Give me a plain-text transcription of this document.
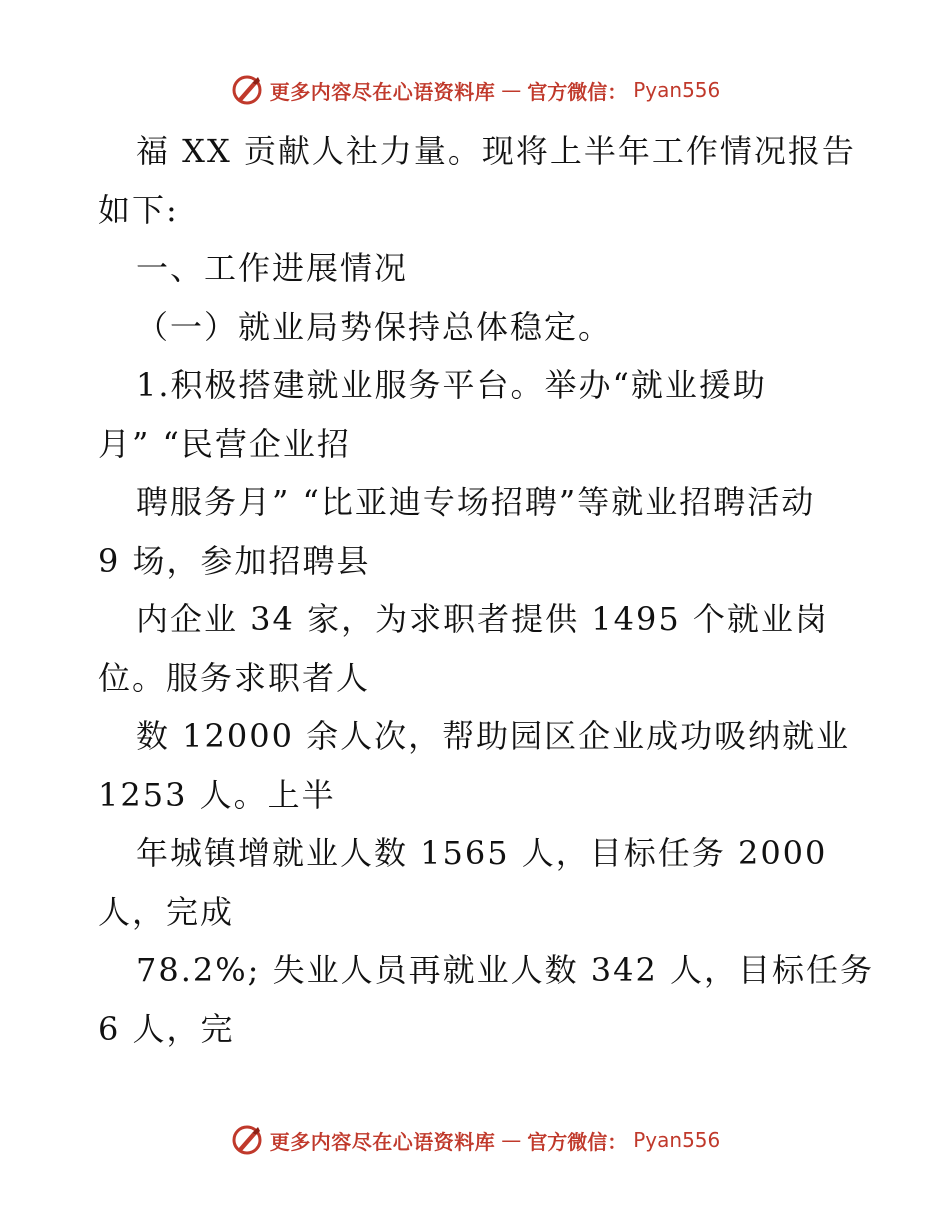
更多内容尽在心语资料库 — 官方微信： Pyan556
福 XX 贡献人社力量。现将上半年工作情况报告
如下:
一、工作进展情况
（一）就业局势保持总体稳定。
1.积极搭建就业服务平台。举办“就业援助
月” “民营企业招
聘服务月” “比亚迪专场招聘”等就业招聘活动
9 场，参加招聘县
内企业 34 家，为求职者提供 1495 个就业岗
位。服务求职者人
数 12000 余人次，帮助园区企业成功吸纳就业
1253 人。上半
年城镇增就业人数 1565 人，目标任务 2000
人，完成
78.2%; 失业人员再就业人数 342 人，目标任务
6 人，完
更多内容尽在心语资料库 — 官方微信： Pyan556
